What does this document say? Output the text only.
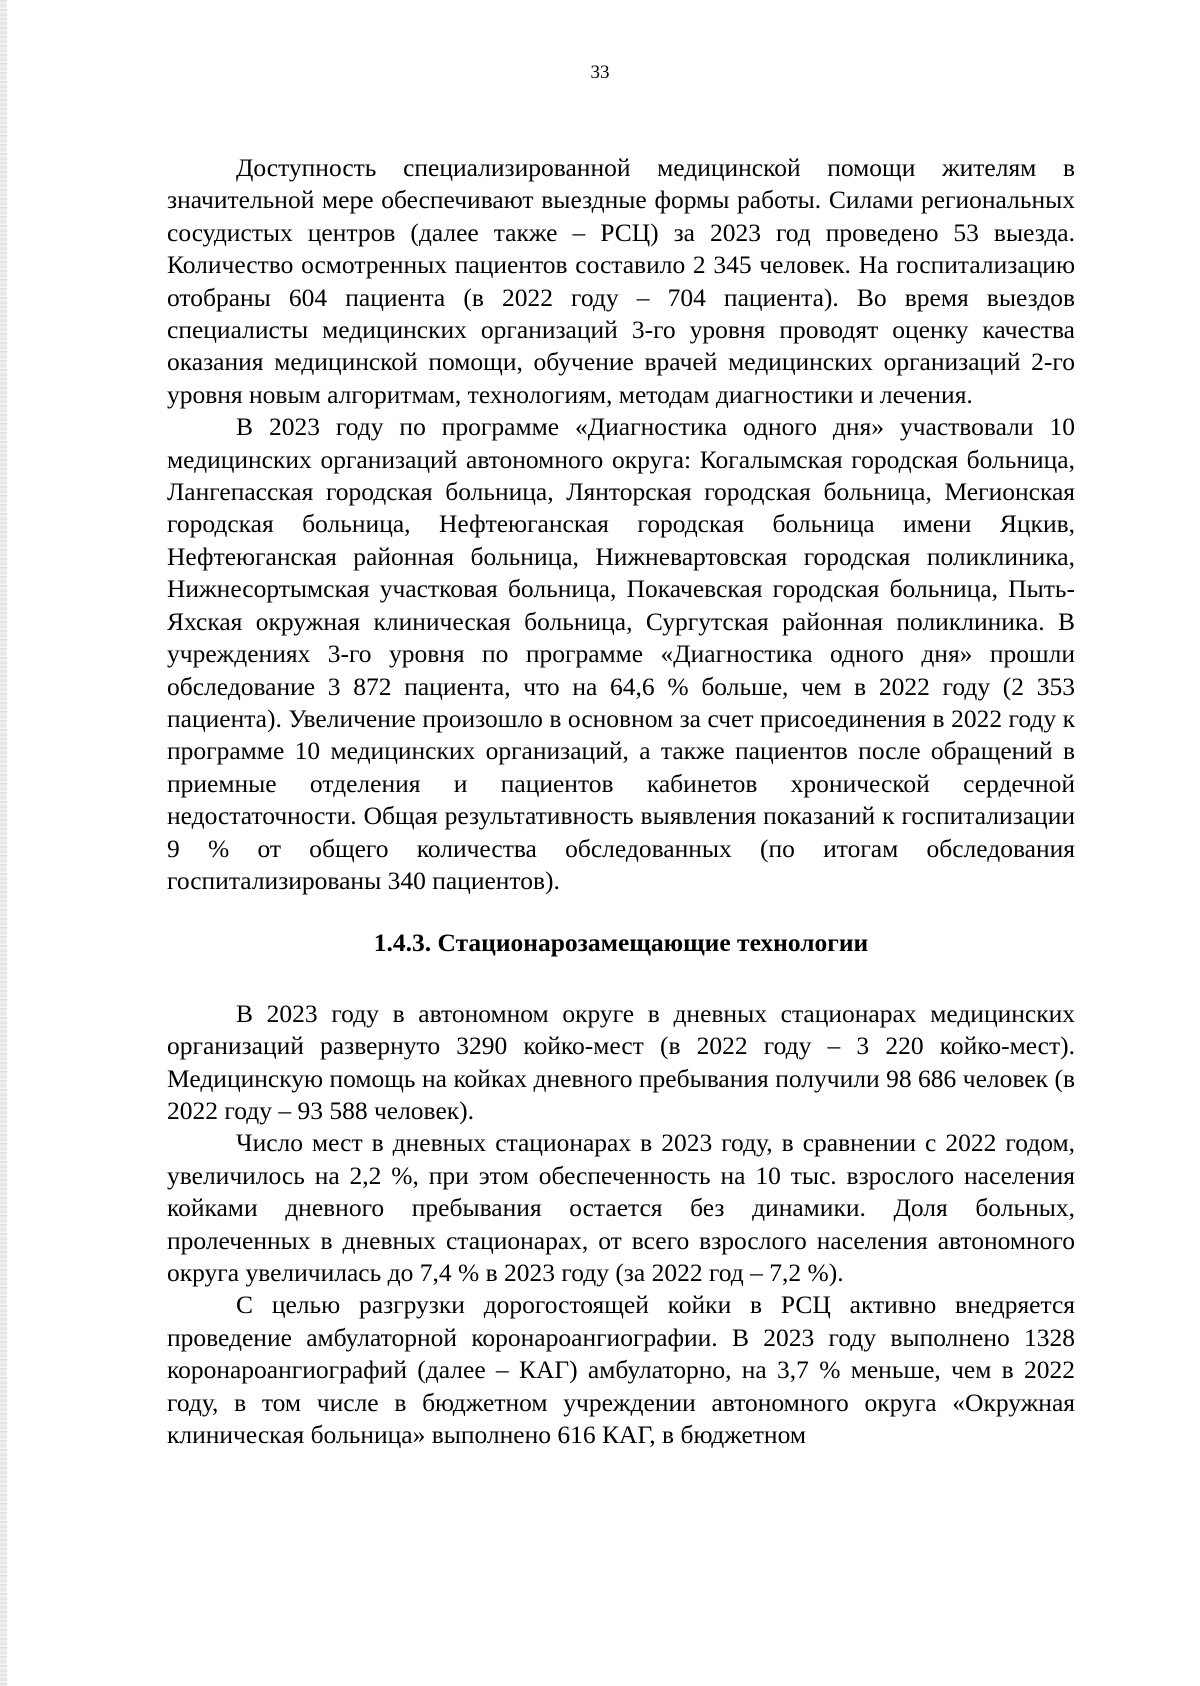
33

Доступность специализированной медицинской помощи жителям в значительной мере обеспечивают выездные формы работы. Силами региональных сосудистых центров (далее также – РСЦ) за 2023 год проведено 53 выезда. Количество осмотренных пациентов составило 2 345 человек. На госпитализацию отобраны 604 пациента (в 2022 году – 704 пациента). Во время выездов специалисты медицинских организаций 3-го уровня проводят оценку качества оказания медицинской помощи, обучение врачей медицинских организаций 2-го уровня новым алгоритмам, технологиям, методам диагностики и лечения.

В 2023 году по программе «Диагностика одного дня» участвовали 10 медицинских организаций автономного округа: Когалымская городская больница, Лангепасская городская больница, Лянторская городская больница, Мегионская городская больница, Нефтеюганская городская больница имени Яцкив, Нефтеюганская районная больница, Нижневартовская городская поликлиника, Нижнесортымская участковая больница, Покачевская городская больница, Пыть-Яхская окружная клиническая больница, Сургутская районная поликлиника. В учреждениях 3-го уровня по программе «Диагностика одного дня» прошли обследование 3 872 пациента, что на 64,6 % больше, чем в 2022 году (2 353 пациента). Увеличение произошло в основном за счет присоединения в 2022 году к программе 10 медицинских организаций, а также пациентов после обращений в приемные отделения и пациентов кабинетов хронической сердечной недостаточности. Общая результативность выявления показаний к госпитализации 9 % от общего количества обследованных (по итогам обследования госпитализированы 340 пациентов).

1.4.3. Стационарозамещающие технологии

В 2023 году в автономном округе в дневных стационарах медицинских организаций развернуто 3290 койко-мест (в 2022 году – 3 220 койко-мест). Медицинскую помощь на койках дневного пребывания получили 98 686 человек (в 2022 году – 93 588 человек).

Число мест в дневных стационарах в 2023 году, в сравнении с 2022 годом, увеличилось на 2,2 %, при этом обеспеченность на 10 тыс. взрослого населения койками дневного пребывания остается без динамики. Доля больных, пролеченных в дневных стационарах, от всего взрослого населения автономного округа увеличилась до 7,4 % в 2023 году (за 2022 год – 7,2 %).

С целью разгрузки дорогостоящей койки в РСЦ активно внедряется проведение амбулаторной коронароангиографии. В 2023 году выполнено 1328 коронароангиографий (далее – КАГ) амбулаторно, на 3,7 % меньше, чем в 2022 году, в том числе в бюджетном учреждении автономного округа «Окружная клиническая больница» выполнено 616 КАГ, в бюджетном
